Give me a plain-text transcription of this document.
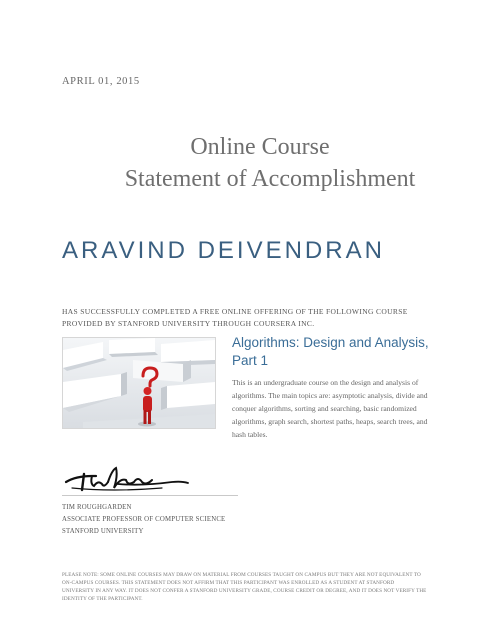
APRIL 01, 2015
Online Course
Statement of Accomplishment
ARAVIND DEIVENDRAN
HAS SUCCESSFULLY COMPLETED A FREE ONLINE OFFERING OF THE FOLLOWING COURSE
PROVIDED BY STANFORD UNIVERSITY THROUGH COURSERA INC.
Algorithms: Design and Analysis,
Part 1
This is an undergraduate course on the design and analysis of
algorithms. The main topics are: asymptotic analysis, divide and
conquer algorithms, sorting and searching, basic randomized
algorithms, graph search, shortest paths, heaps, search trees, and
hash tables.
TIM ROUGHGARDEN
ASSOCIATE PROFESSOR OF COMPUTER SCIENCE
STANFORD UNIVERSITY
PLEASE NOTE: SOME ONLINE COURSES MAY DRAW ON MATERIAL FROM COURSES TAUGHT ON CAMPUS BUT THEY ARE NOT EQUIVALENT TO
ON-CAMPUS COURSES. THIS STATEMENT DOES NOT AFFIRM THAT THIS PARTICIPANT WAS ENROLLED AS A STUDENT AT STANFORD
UNIVERSITY IN ANY WAY. IT DOES NOT CONFER A STANFORD UNIVERSITY GRADE, COURSE CREDIT OR DEGREE, AND IT DOES NOT VERIFY THE
IDENTITY OF THE PARTICIPANT.
